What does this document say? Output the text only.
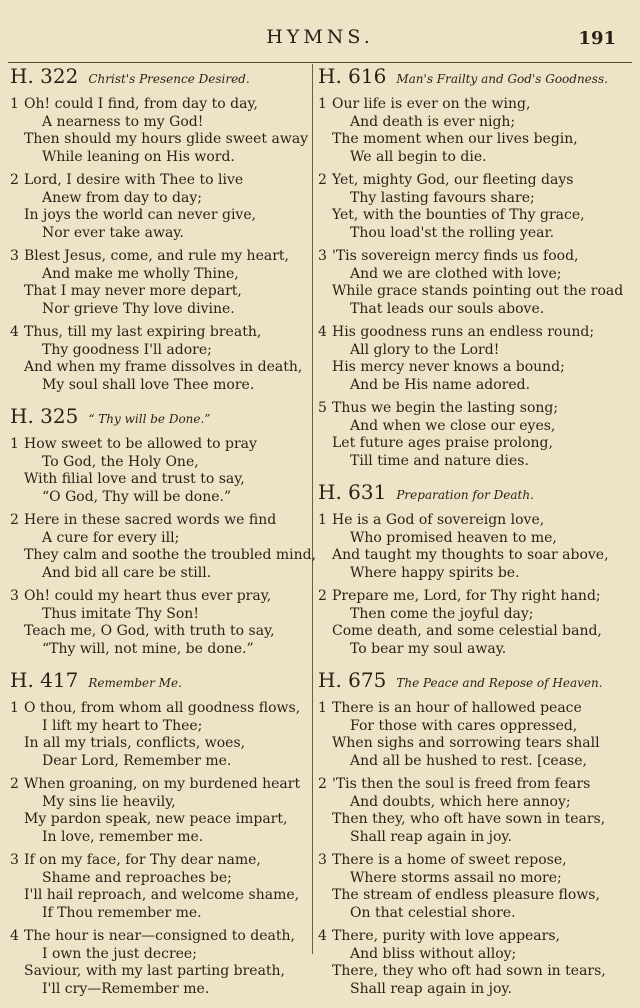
HYMNS.	191
H. 322 Christ's Presence Desired.
1 Oh! could I find, from day to day,
A nearness to my God!
Then should my hours glide sweet away
While leaning on His word.
2 Lord, I desire with Thee to live
Anew from day to day;
In joys the world can never give,
Nor ever take away.
3 Blest Jesus, come, and rule my heart,
And make me wholly Thine,
That I may never more depart,
Nor grieve Thy love divine.
4 Thus, till my last expiring breath,
Thy goodness I'll adore;
And when my frame dissolves in death,
My soul shall love Thee more.
H. 325 “ Thy will be Done.”
1 How sweet to be allowed to pray
To God, the Holy One,
With filial love and trust to say,
“O God, Thy will be done.”
2 Here in these sacred words we find
A cure for every ill;
They calm and soothe the troubled mind,
And bid all care be still.
3 Oh! could my heart thus ever pray,
Thus imitate Thy Son!
Teach me, O God, with truth to say,
“Thy will, not mine, be done.”
H. 417 Remember Me.
1 O thou, from whom all goodness flows,
I lift my heart to Thee;
In all my trials, conflicts, woes,
Dear Lord, Remember me.
2 When groaning, on my burdened heart
My sins lie heavily,
My pardon speak, new peace impart,
In love, remember me.
3 If on my face, for Thy dear name,
Shame and reproaches be;
I'll hail reproach, and welcome shame,
If Thou remember me.
4 The hour is near—consigned to death,
I own the just decree;
Saviour, with my last parting breath,
I'll cry—Remember me.
H. 616 Man's Frailty and God's Goodness.
1 Our life is ever on the wing,
And death is ever nigh;
The moment when our lives begin,
We all begin to die.
2 Yet, mighty God, our fleeting days
Thy lasting favours share;
Yet, with the bounties of Thy grace,
Thou load'st the rolling year.
3 'Tis sovereign mercy finds us food,
And we are clothed with love;
While grace stands pointing out the road
That leads our souls above.
4 His goodness runs an endless round;
All glory to the Lord!
His mercy never knows a bound;
And be His name adored.
5 Thus we begin the lasting song;
And when we close our eyes,
Let future ages praise prolong,
Till time and nature dies.
H. 631 Preparation for Death.
1 He is a God of sovereign love,
Who promised heaven to me,
And taught my thoughts to soar above,
Where happy spirits be.
2 Prepare me, Lord, for Thy right hand;
Then come the joyful day;
Come death, and some celestial band,
To bear my soul away.
H. 675 The Peace and Repose of Heaven.
1 There is an hour of hallowed peace
For those with cares oppressed,
When sighs and sorrowing tears shall
And all be hushed to rest. [cease,
2 'Tis then the soul is freed from fears
And doubts, which here annoy;
Then they, who oft have sown in tears,
Shall reap again in joy.
3 There is a home of sweet repose,
Where storms assail no more;
The stream of endless pleasure flows,
On that celestial shore.
4 There, purity with love appears,
And bliss without alloy;
There, they who oft had sown in tears,
Shall reap again in joy.
